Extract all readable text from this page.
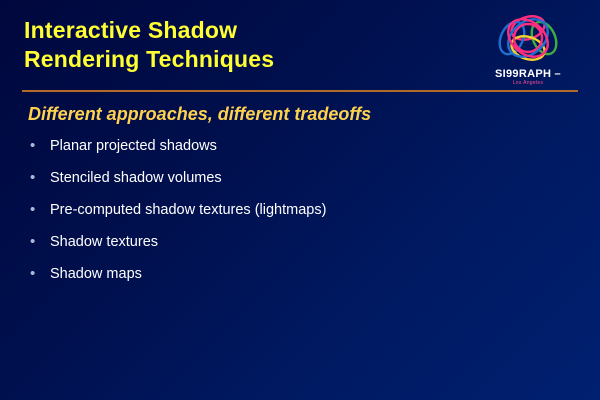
Interactive Shadow
Rendering Techniques
Different approaches, different tradeoffs
•	Planar projected shadows
•	Stenciled shadow volumes
•	Pre-computed shadow textures (lightmaps)
•	Shadow textures
•	Shadow maps
SI99RAPH –
Los Angeles
